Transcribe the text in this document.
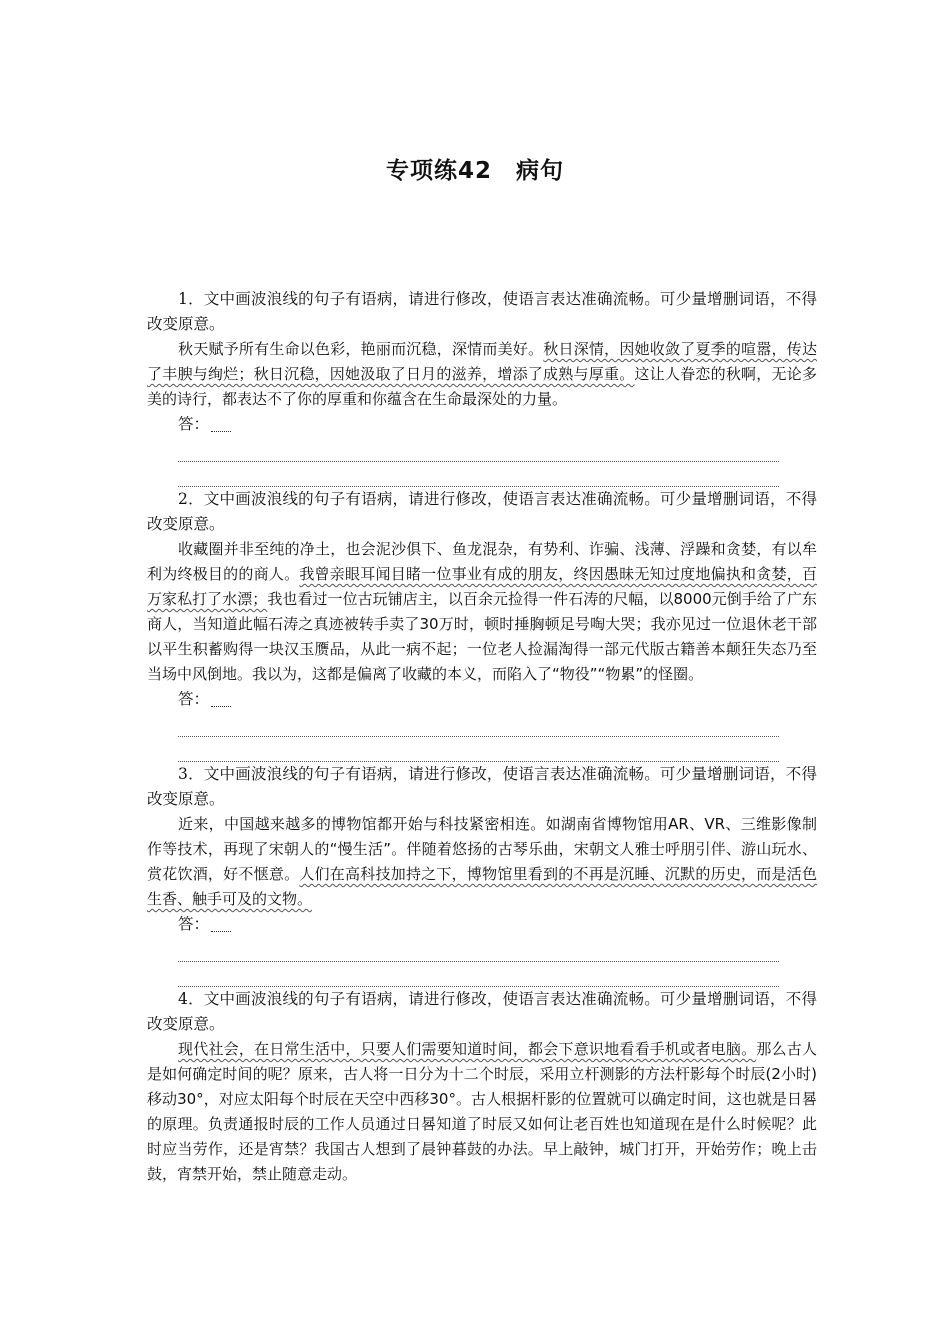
专项练42　病句

1．文中画波浪线的句子有语病，请进行修改，使语言表达准确流畅。可少量增删词语，不得改变原意。

秋天赋予所有生命以色彩，艳丽而沉稳，深情而美好。秋日深情，因她收敛了夏季的喧嚣，传达了丰腴与绚烂；秋日沉稳，因她汲取了日月的滋养，增添了成熟与厚重。这让人眷恋的秋啊，无论多美的诗行，都表达不了你的厚重和你蕴含在生命最深处的力量。

答：

2．文中画波浪线的句子有语病，请进行修改，使语言表达准确流畅。可少量增删词语，不得改变原意。

收藏圈并非至纯的净土，也会泥沙俱下、鱼龙混杂，有势利、诈骗、浅薄、浮躁和贪婪，有以牟利为终极目的的商人。我曾亲眼耳闻目睹一位事业有成的朋友，终因愚昧无知过度地偏执和贪婪，百万家私打了水漂；我也看过一位古玩铺店主，以百余元捡得一件石涛的尺幅，以8000元倒手给了广东商人，当知道此幅石涛之真迹被转手卖了30万时，顿时捶胸顿足号啕大哭；我亦见过一位退休老干部以平生积蓄购得一块汉玉赝品，从此一病不起；一位老人捡漏淘得一部元代版古籍善本颠狂失态乃至当场中风倒地。我以为，这都是偏离了收藏的本义，而陷入了“物役”“物累”的怪圈。

答：

3．文中画波浪线的句子有语病，请进行修改，使语言表达准确流畅。可少量增删词语，不得改变原意。

近来，中国越来越多的博物馆都开始与科技紧密相连。如湖南省博物馆用AR、VR、三维影像制作等技术，再现了宋朝人的“慢生活”。伴随着悠扬的古琴乐曲，宋朝文人雅士呼朋引伴、游山玩水、赏花饮酒，好不惬意。人们在高科技加持之下，博物馆里看到的不再是沉睡、沉默的历史，而是活色生香、触手可及的文物。

答：

4．文中画波浪线的句子有语病，请进行修改，使语言表达准确流畅。可少量增删词语，不得改变原意。

现代社会，在日常生活中，只要人们需要知道时间，都会下意识地看看手机或者电脑。那么古人是如何确定时间的呢？原来，古人将一日分为十二个时辰，采用立杆测影的方法杆影每个时辰(2小时)移动30°，对应太阳每个时辰在天空中西移30°。古人根据杆影的位置就可以确定时间，这也就是日晷的原理。负责通报时辰的工作人员通过日晷知道了时辰又如何让老百姓也知道现在是什么时候呢？此时应当劳作，还是宵禁？我国古人想到了晨钟暮鼓的办法。早上敲钟，城门打开，开始劳作；晚上击鼓，宵禁开始，禁止随意走动。
